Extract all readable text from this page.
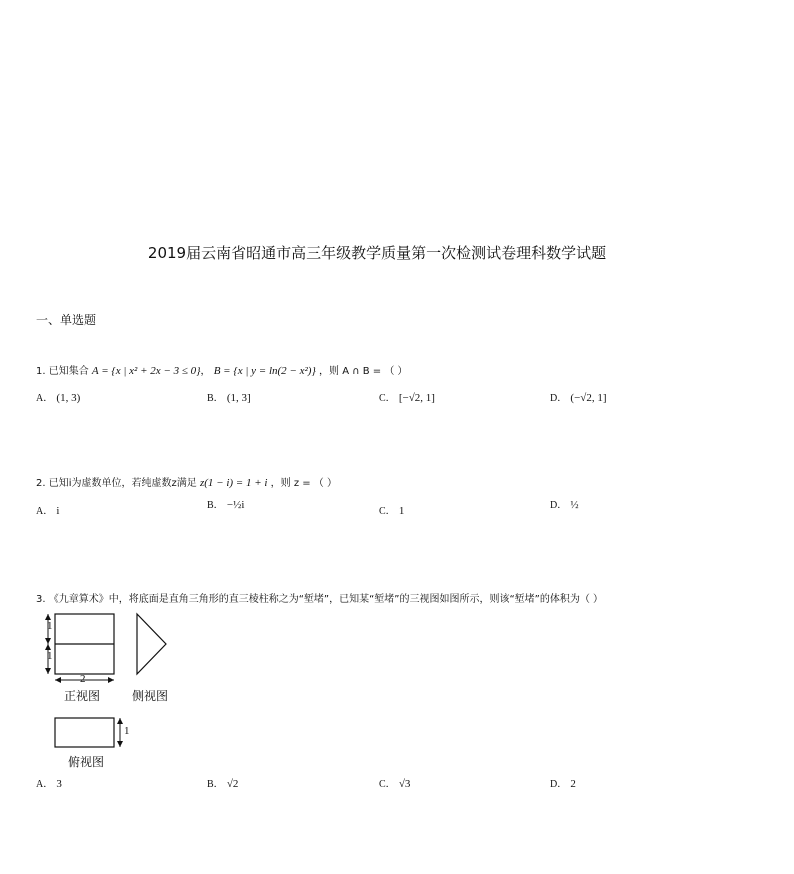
2019届云南省昭通市高三年级教学质量第一次检测试卷理科数学试题
一、单选题
1. 已知集合 A = {x | x² + 2x − 3 ≤ 0}， B = {x | y = ln(2 − x²)} ，则 A ∩ B = （ ）
A． (1, 3)	B． (1, 3]	C． [−√2, 1]	D． (−√2, 1]
2. 已知i为虚数单位，若纯虚数z满足 z(1 − i) = 1 + i ，则 z = （ ）
A． i	B． −½i
C． 1	D． ½
3. 《九章算术》中，将底面是直角三角形的直三棱柱称之为“堑堵”，已知某“堑堵”的三视图如图所示，则该“堑堵”的体积为（ ）
1
1
2
1
正视图	侧视图
俯视图
A． 3	B． √2	C． √3	D． 2
